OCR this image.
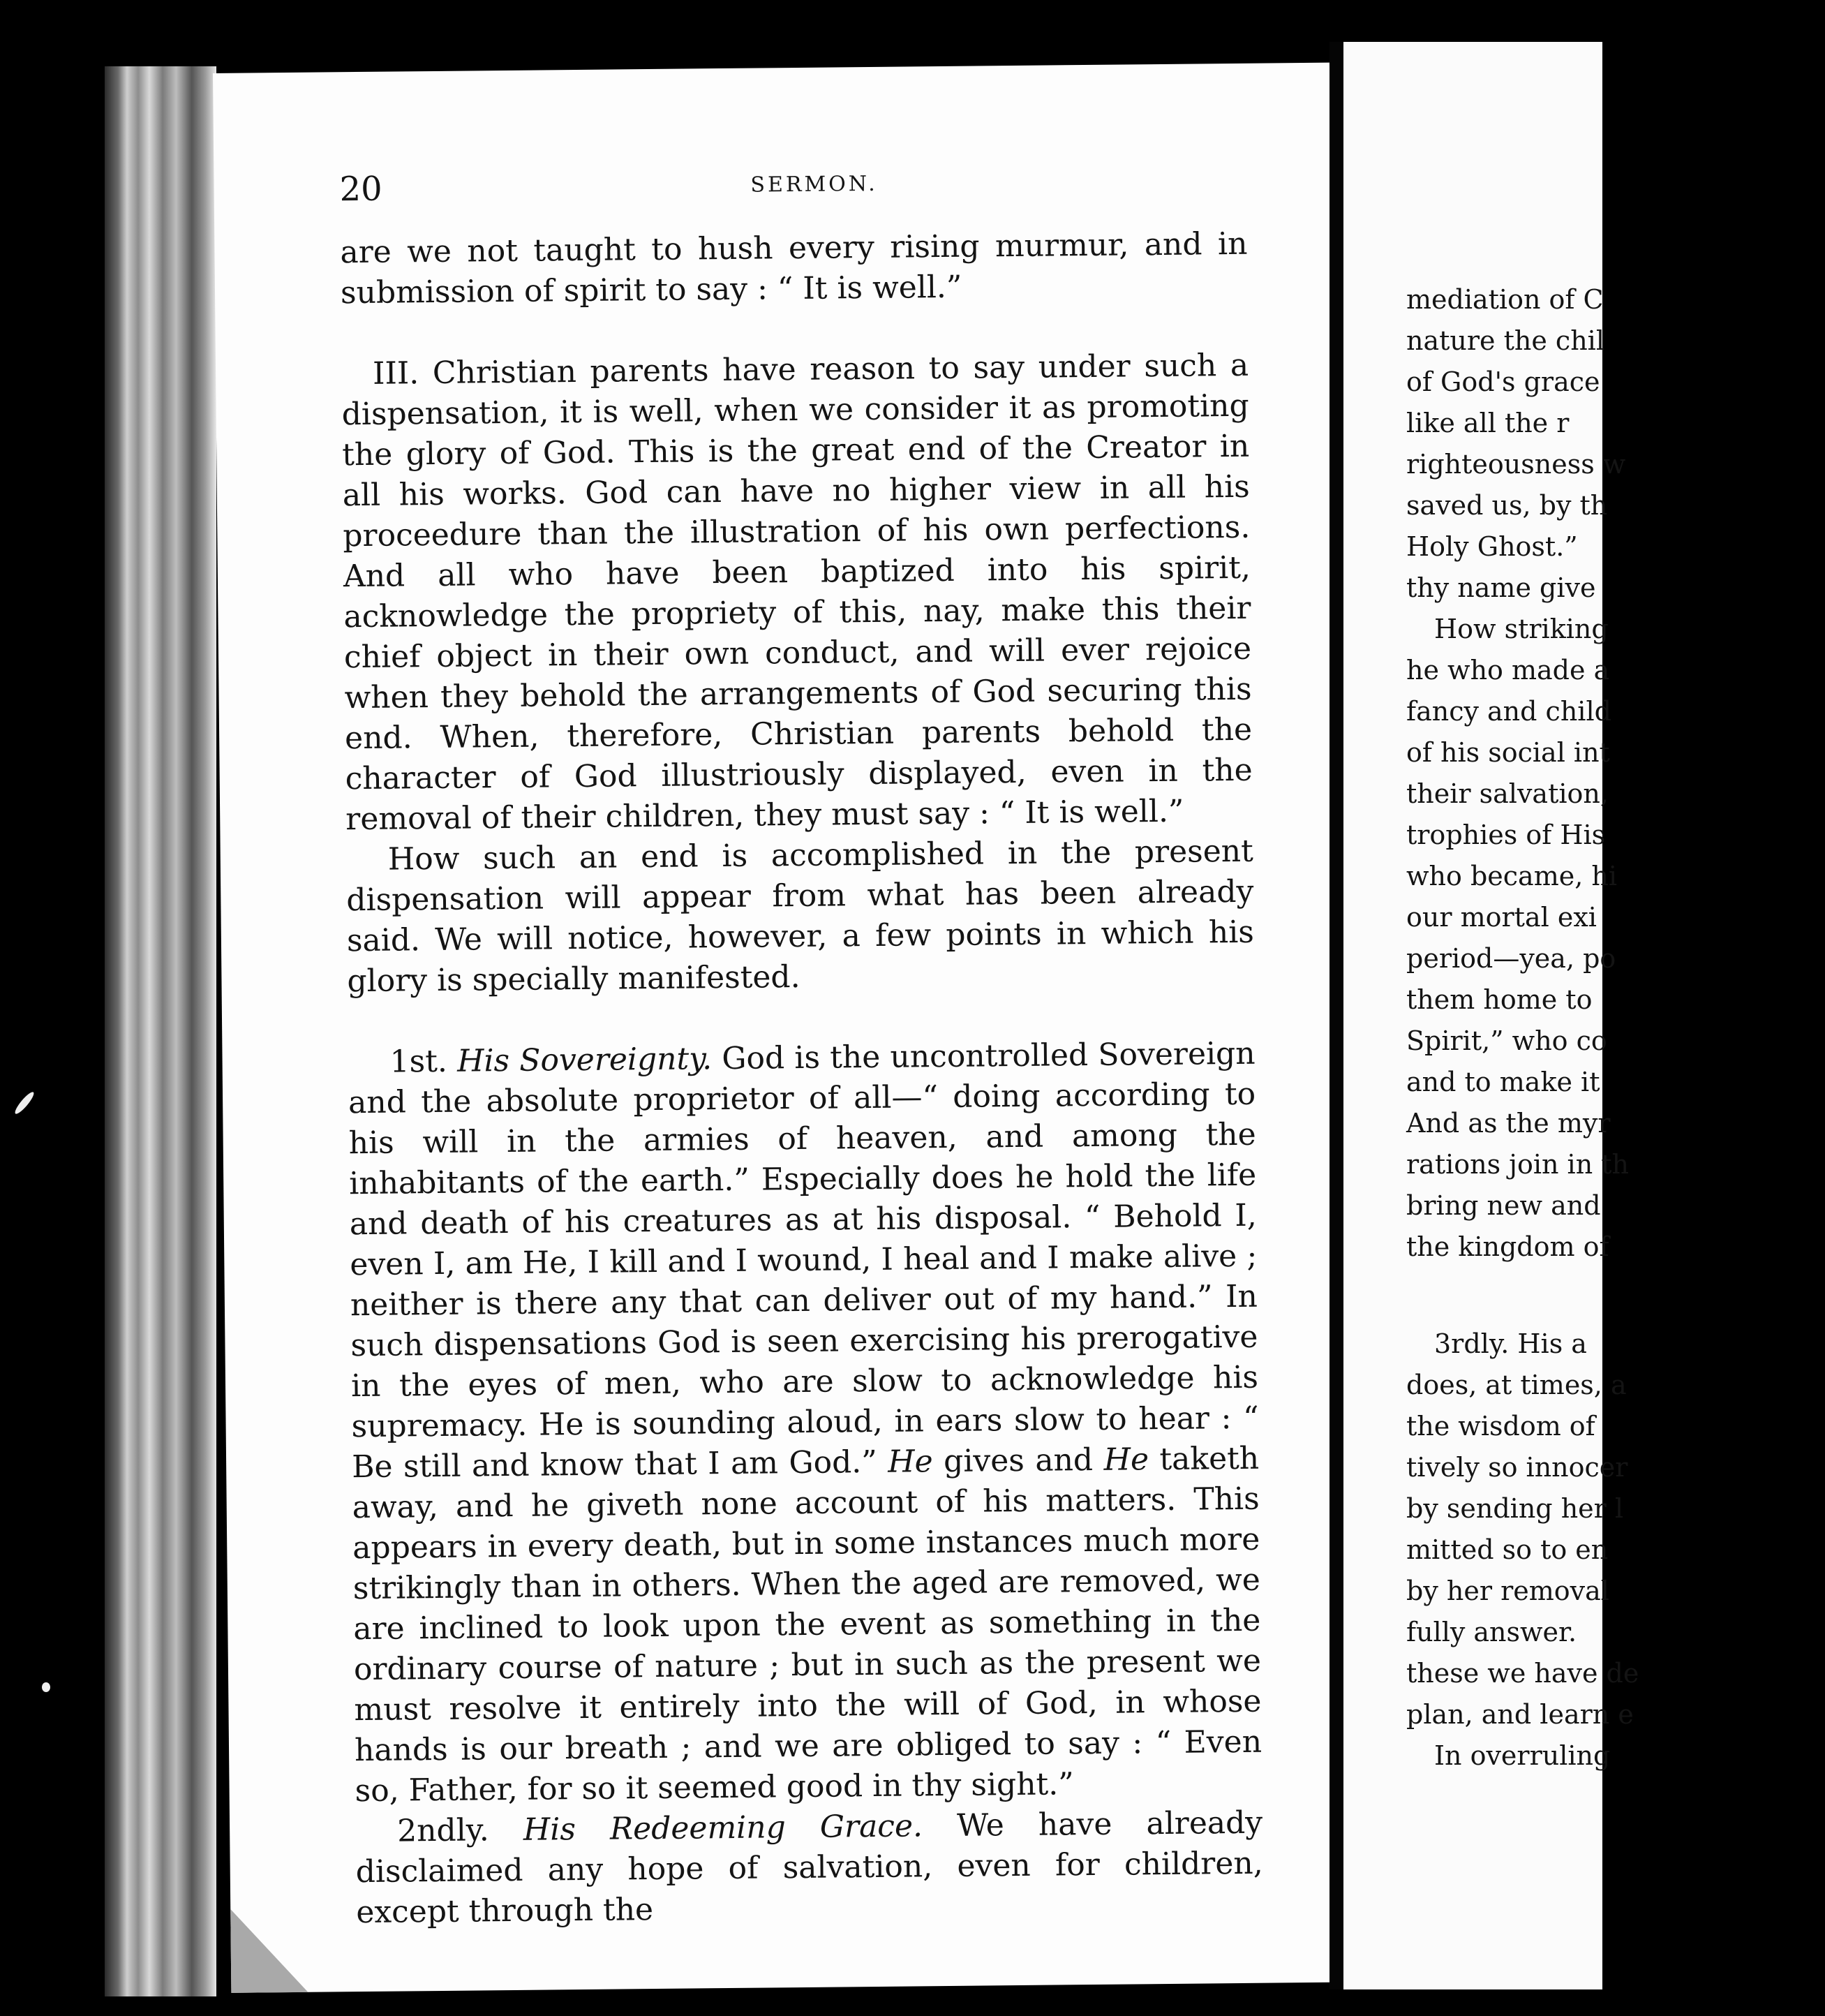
20	SERMON.

are we not taught to hush every rising murmur, and in submission of spirit to say : “ It is well.”

III. Christian parents have reason to say under such a dispensation, it is well, when we consider it as promoting the glory of God. This is the great end of the Creator in all his works. God can have no higher view in all his proceedure than the illustration of his own perfections. And all who have been baptized into his spirit, acknowledge the propriety of this, nay, make this their chief object in their own conduct, and will ever rejoice when they behold the arrangements of God securing this end. When, therefore, Christian parents behold the character of God illustriously displayed, even in the removal of their children, they must say : “ It is well.”

How such an end is accomplished in the present dispensation will appear from what has been already said. We will notice, however, a few points in which his glory is specially manifested.

1st. His Sovereignty. God is the uncontrolled Sovereign and the absolute proprietor of all—“ doing according to his will in the armies of heaven, and among the inhabitants of the earth.” Especially does he hold the life and death of his creatures as at his disposal. “ Behold I, even I, am He, I kill and I wound, I heal and I make alive ; neither is there any that can deliver out of my hand.” In such dispensations God is seen exercising his prerogative in the eyes of men, who are slow to acknowledge his supremacy. He is sounding aloud, in ears slow to hear : “ Be still and know that I am God.” He gives and He taketh away, and he giveth none account of his matters. This appears in every death, but in some instances much more strikingly than in others. When the aged are removed, we are inclined to look upon the event as something in the ordinary course of nature ; but in such as the present we must resolve it entirely into the will of God, in whose hands is our breath ; and we are obliged to say : “ Even so, Father, for so it seemed good in thy sight.”

2ndly. His Redeeming Grace. We have already disclaimed any hope of salvation, even for children, except through the

mediation of C
nature the chil
of God's grace
like all the r
righteousness w
saved us, by th
Holy Ghost.”
thy name give
How striking
he who made a
fancy and child
of his social int
their salvation,
trophies of His
who became, hi
our mortal exi
period—yea, po
them home to
Spirit,” who co
and to make it
And as the myr
rations join in th
bring new and
the kingdom of
3rdly. His a
does, at times, a
the wisdom of
tively so innocer
by sending her l
mitted so to en
by her removal
fully answer.
these we have de
plan, and learn e
In overruling
